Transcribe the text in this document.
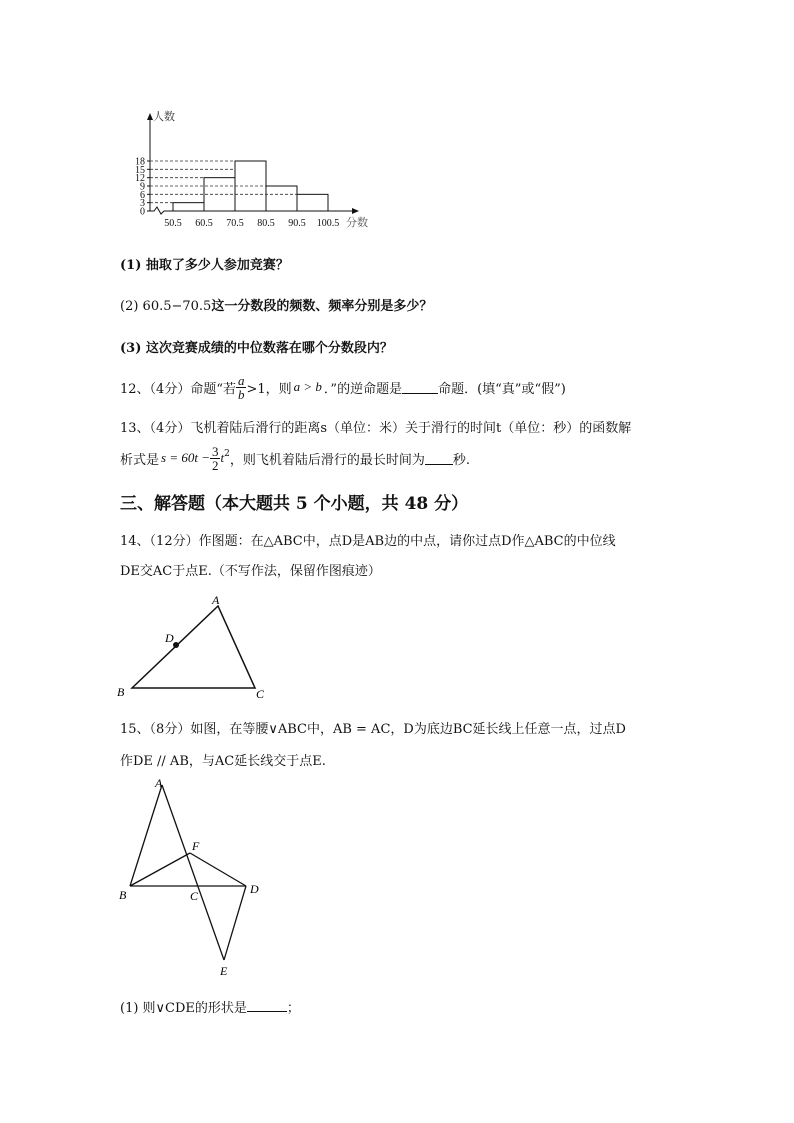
0
3
6
9
12
15
18
50.5 60.5 70.5 80.5 90.5 100.5
人数
分数
(1) 抽取了多少人参加竞赛？
(2) 60.5−70.5这一分数段的频数、频率分别是多少？
(3) 这次竞赛成绩的中位数落在哪个分数段内？
12、（4分）命题“若 $\frac{a}{b} >1$，则 a > b ．”的逆命题是	命题．(填“真”或“假”)
13、（4分）飞机着陆后滑行的距离s（单位：米）关于滑行的时间t（单位：秒）的函数解
析式是 $s = 60t - \frac{3}{2} t^2$ ，则飞机着陆后滑行的最长时间为 秒.
三、解答题（本大题共 5 个小题，共 48 分）
14、（12分）作图题：在△ABC中，点D是AB边的中点，请你过点D作△ABC的中位线
DE交AC于点E.（不写作法，保留作图痕迹）
A
B	C
D
15、（8分）如图，在等腰∨ABC中，AB = AC，D为底边BC延长线上任意一点，过点D
作DE // AB，与AC延长线交于点E.
A
B	C	D
E
F
(1) 则∨CDE的形状是	；
